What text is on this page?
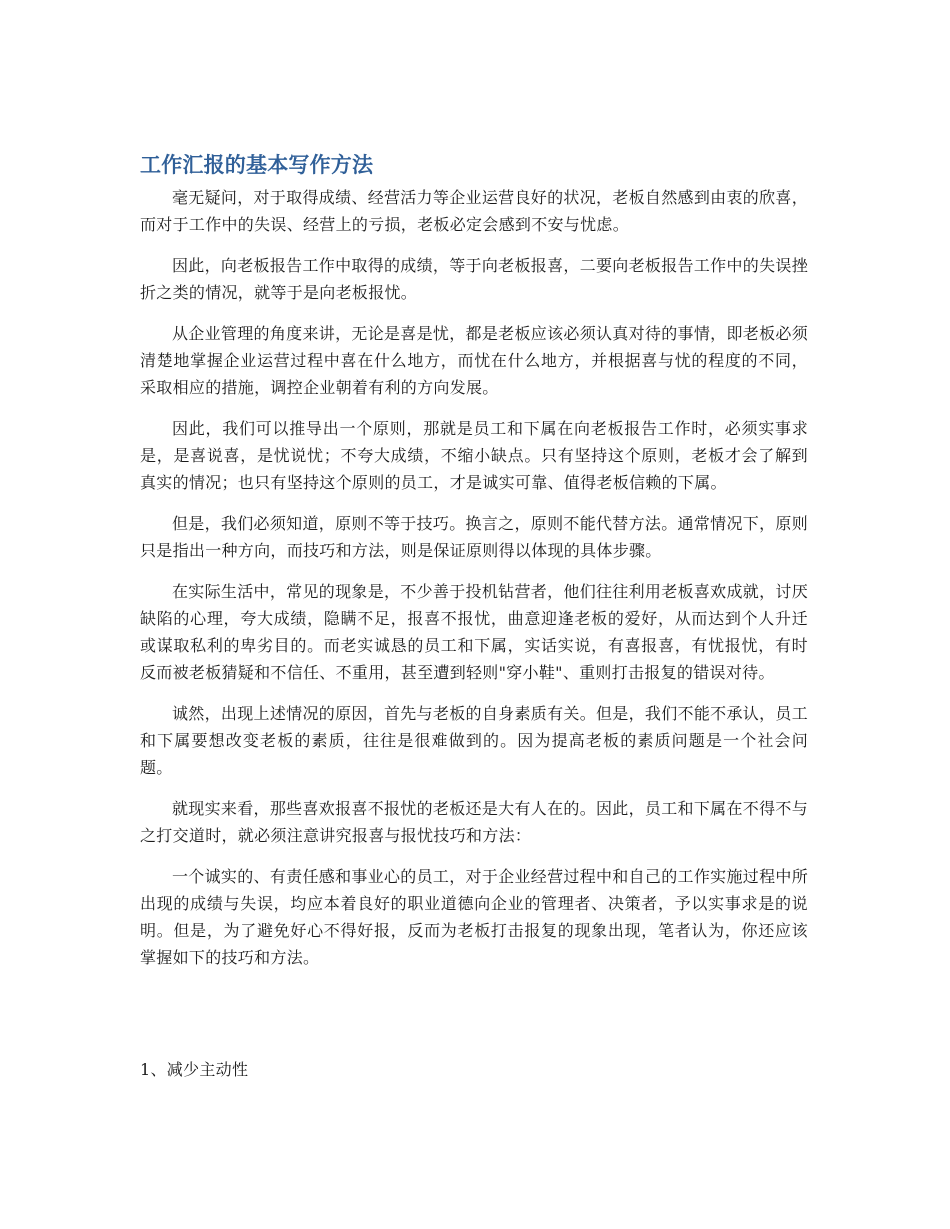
工作汇报的基本写作方法

毫无疑问，对于取得成绩、经营活力等企业运营良好的状况，老板自然感到由衷的欣喜，而对于工作中的失误、经营上的亏损，老板必定会感到不安与忧虑。

因此，向老板报告工作中取得的成绩，等于向老板报喜，二要向老板报告工作中的失误挫折之类的情况，就等于是向老板报忧。

从企业管理的角度来讲，无论是喜是忧，都是老板应该必须认真对待的事情，即老板必须清楚地掌握企业运营过程中喜在什么地方，而忧在什么地方，并根据喜与忧的程度的不同，采取相应的措施，调控企业朝着有利的方向发展。

因此，我们可以推导出一个原则，那就是员工和下属在向老板报告工作时，必须实事求是，是喜说喜，是忧说忧；不夸大成绩，不缩小缺点。只有坚持这个原则，老板才会了解到真实的情况；也只有坚持这个原则的员工，才是诚实可靠、值得老板信赖的下属。

但是，我们必须知道，原则不等于技巧。换言之，原则不能代替方法。通常情况下，原则只是指出一种方向，而技巧和方法，则是保证原则得以体现的具体步骤。

在实际生活中，常见的现象是，不少善于投机钻营者，他们往往利用老板喜欢成就，讨厌缺陷的心理，夸大成绩，隐瞒不足，报喜不报忧，曲意迎逢老板的爱好，从而达到个人升迁或谋取私利的卑劣目的。而老实诚恳的员工和下属，实话实说，有喜报喜，有忧报忧，有时反而被老板猜疑和不信任、不重用，甚至遭到轻则"穿小鞋"、重则打击报复的错误对待。

诚然，出现上述情况的原因，首先与老板的自身素质有关。但是，我们不能不承认，员工和下属要想改变老板的素质，往往是很难做到的。因为提高老板的素质问题是一个社会问题。

就现实来看，那些喜欢报喜不报忧的老板还是大有人在的。因此，员工和下属在不得不与之打交道时，就必须注意讲究报喜与报忧技巧和方法：

一个诚实的、有责任感和事业心的员工，对于企业经营过程中和自己的工作实施过程中所出现的成绩与失误，均应本着良好的职业道德向企业的管理者、决策者，予以实事求是的说明。但是，为了避免好心不得好报，反而为老板打击报复的现象出现，笔者认为，你还应该掌握如下的技巧和方法。

1、减少主动性
